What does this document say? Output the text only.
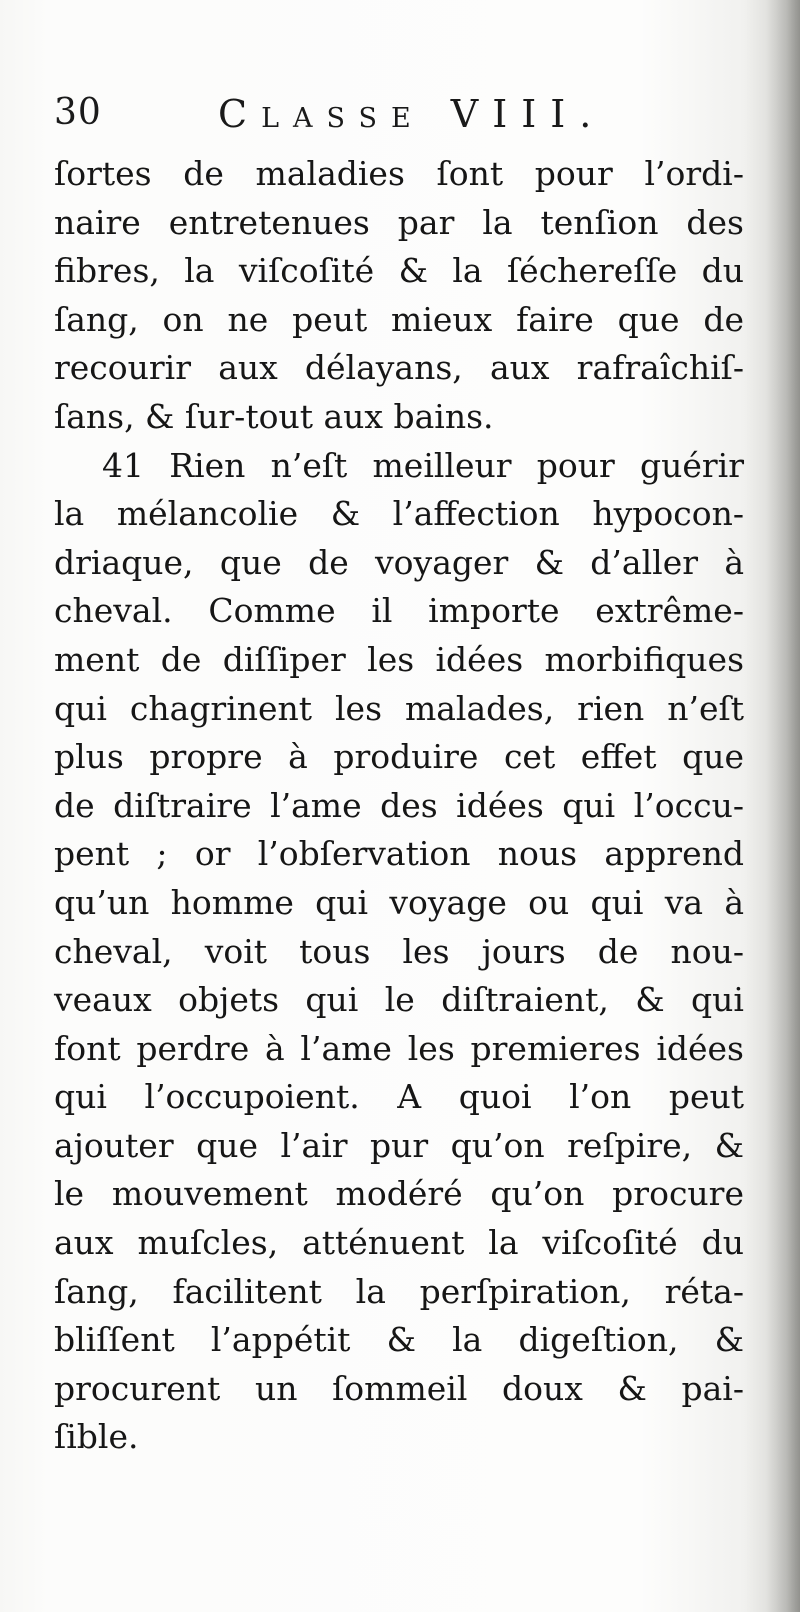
30	Classe VIII.
ſortes de maladies ſont pour l’ordi-
naire entretenues par la tenſion des
fibres, la viſcoſité & la ſéchereſſe du
ſang, on ne peut mieux faire que de
recourir aux délayans, aux rafraîchiſ-
ſans, & ſur-tout aux bains.
41 Rien n’eſt meilleur pour guérir
la mélancolie & l’affection hypocon-
driaque, que de voyager & d’aller à
cheval. Comme il importe extrême-
ment de diſſiper les idées morbifiques
qui chagrinent les malades, rien n’eſt
plus propre à produire cet effet que
de diſtraire l’ame des idées qui l’occu-
pent ; or l’obſervation nous apprend
qu’un homme qui voyage ou qui va à
cheval, voit tous les jours de nou-
veaux objets qui le diſtraient, & qui
font perdre à l’ame les premieres idées
qui l’occupoient. A quoi l’on peut
ajouter que l’air pur qu’on reſpire, &
le mouvement modéré qu’on procure
aux muſcles, atténuent la viſcoſité du
ſang, facilitent la perſpiration, réta-
bliſſent l’appétit & la digeſtion, &
procurent un ſommeil doux & pai-
ſible.
